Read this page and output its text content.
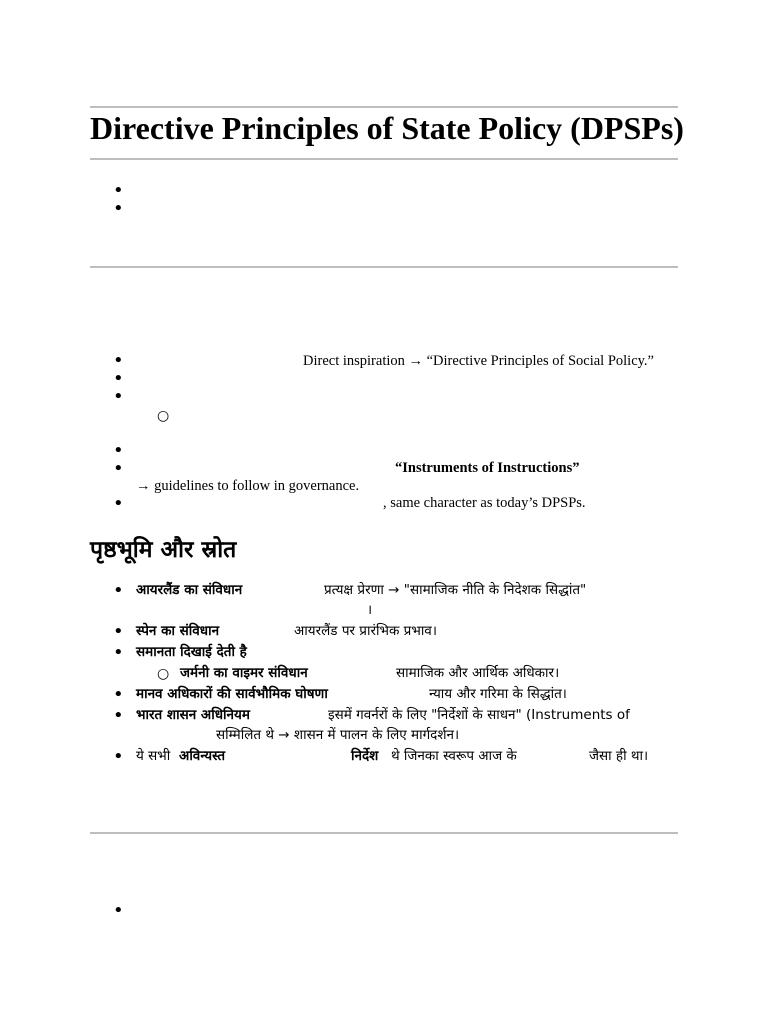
Directive Principles of State Policy (DPSPs)
•
•
•	Direct inspiration → “Directive Principles of Social Policy.”
•
•
○
•
•	“Instruments of Instructions”
→ guidelines to follow in governance.
•	, same character as today’s DPSPs.
पृष्ठभूमि और स्रोत
• आयरलैंड का संविधान	प्रत्यक्ष प्रेरणा → "सामाजिक नीति के निदेशक सिद्धांत"
।
• स्पेन का संविधान	आयरलैंड पर प्रारंभिक प्रभाव।
• समानता दिखाई देती है
○ जर्मनी का वाइमर संविधान	सामाजिक और आर्थिक अधिकार।
• मानव अधिकारों की सार्वभौमिक घोषणा	न्याय और गरिमा के सिद्धांत।
• भारत शासन अधिनियम	इसमें गवर्नरों के लिए "निर्देशों के साधन" (Instruments of
सम्मिलित थे → शासन में पालन के लिए मार्गदर्शन।
• ये सभी अविन्यस्त	निर्देश थे जिनका स्वरूप आज के	जैसा ही था।
•
